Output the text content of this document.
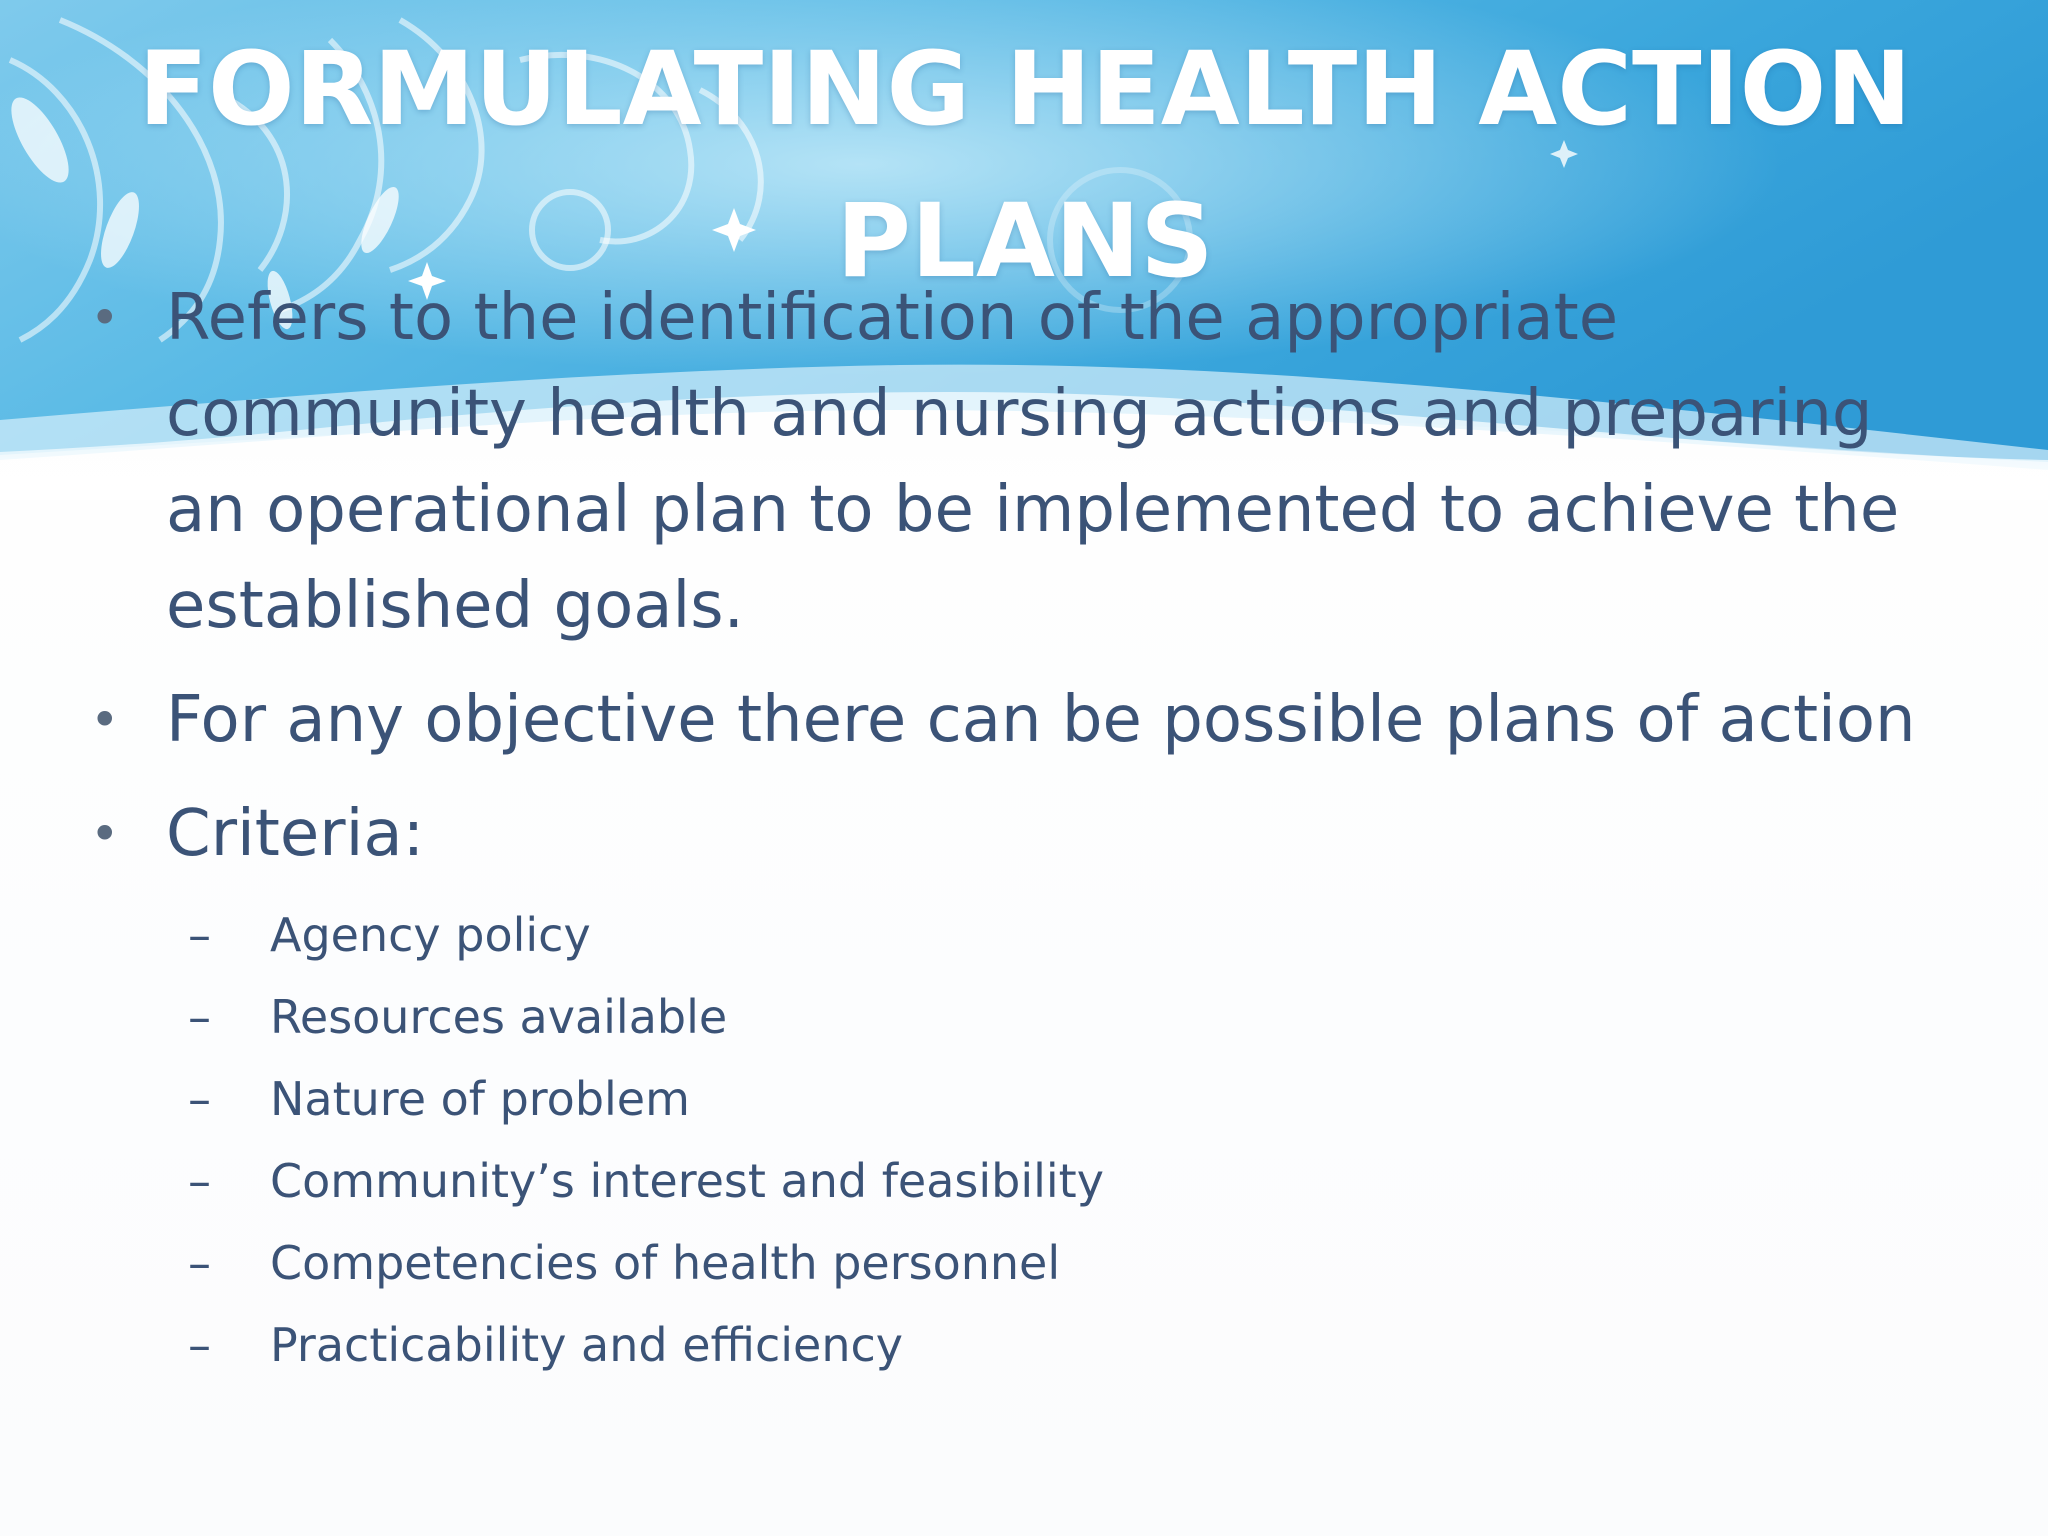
FORMULATING HEALTH ACTION PLANS
• Refers to the identification of the appropriate community health and nursing actions and preparing an operational plan to be implemented to achieve the established goals.
• For any objective there can be possible plans of action
• Criteria:
– Agency policy
– Resources available
– Nature of problem
– Community’s interest and feasibility
– Competencies of health personnel
– Practicability and efficiency
